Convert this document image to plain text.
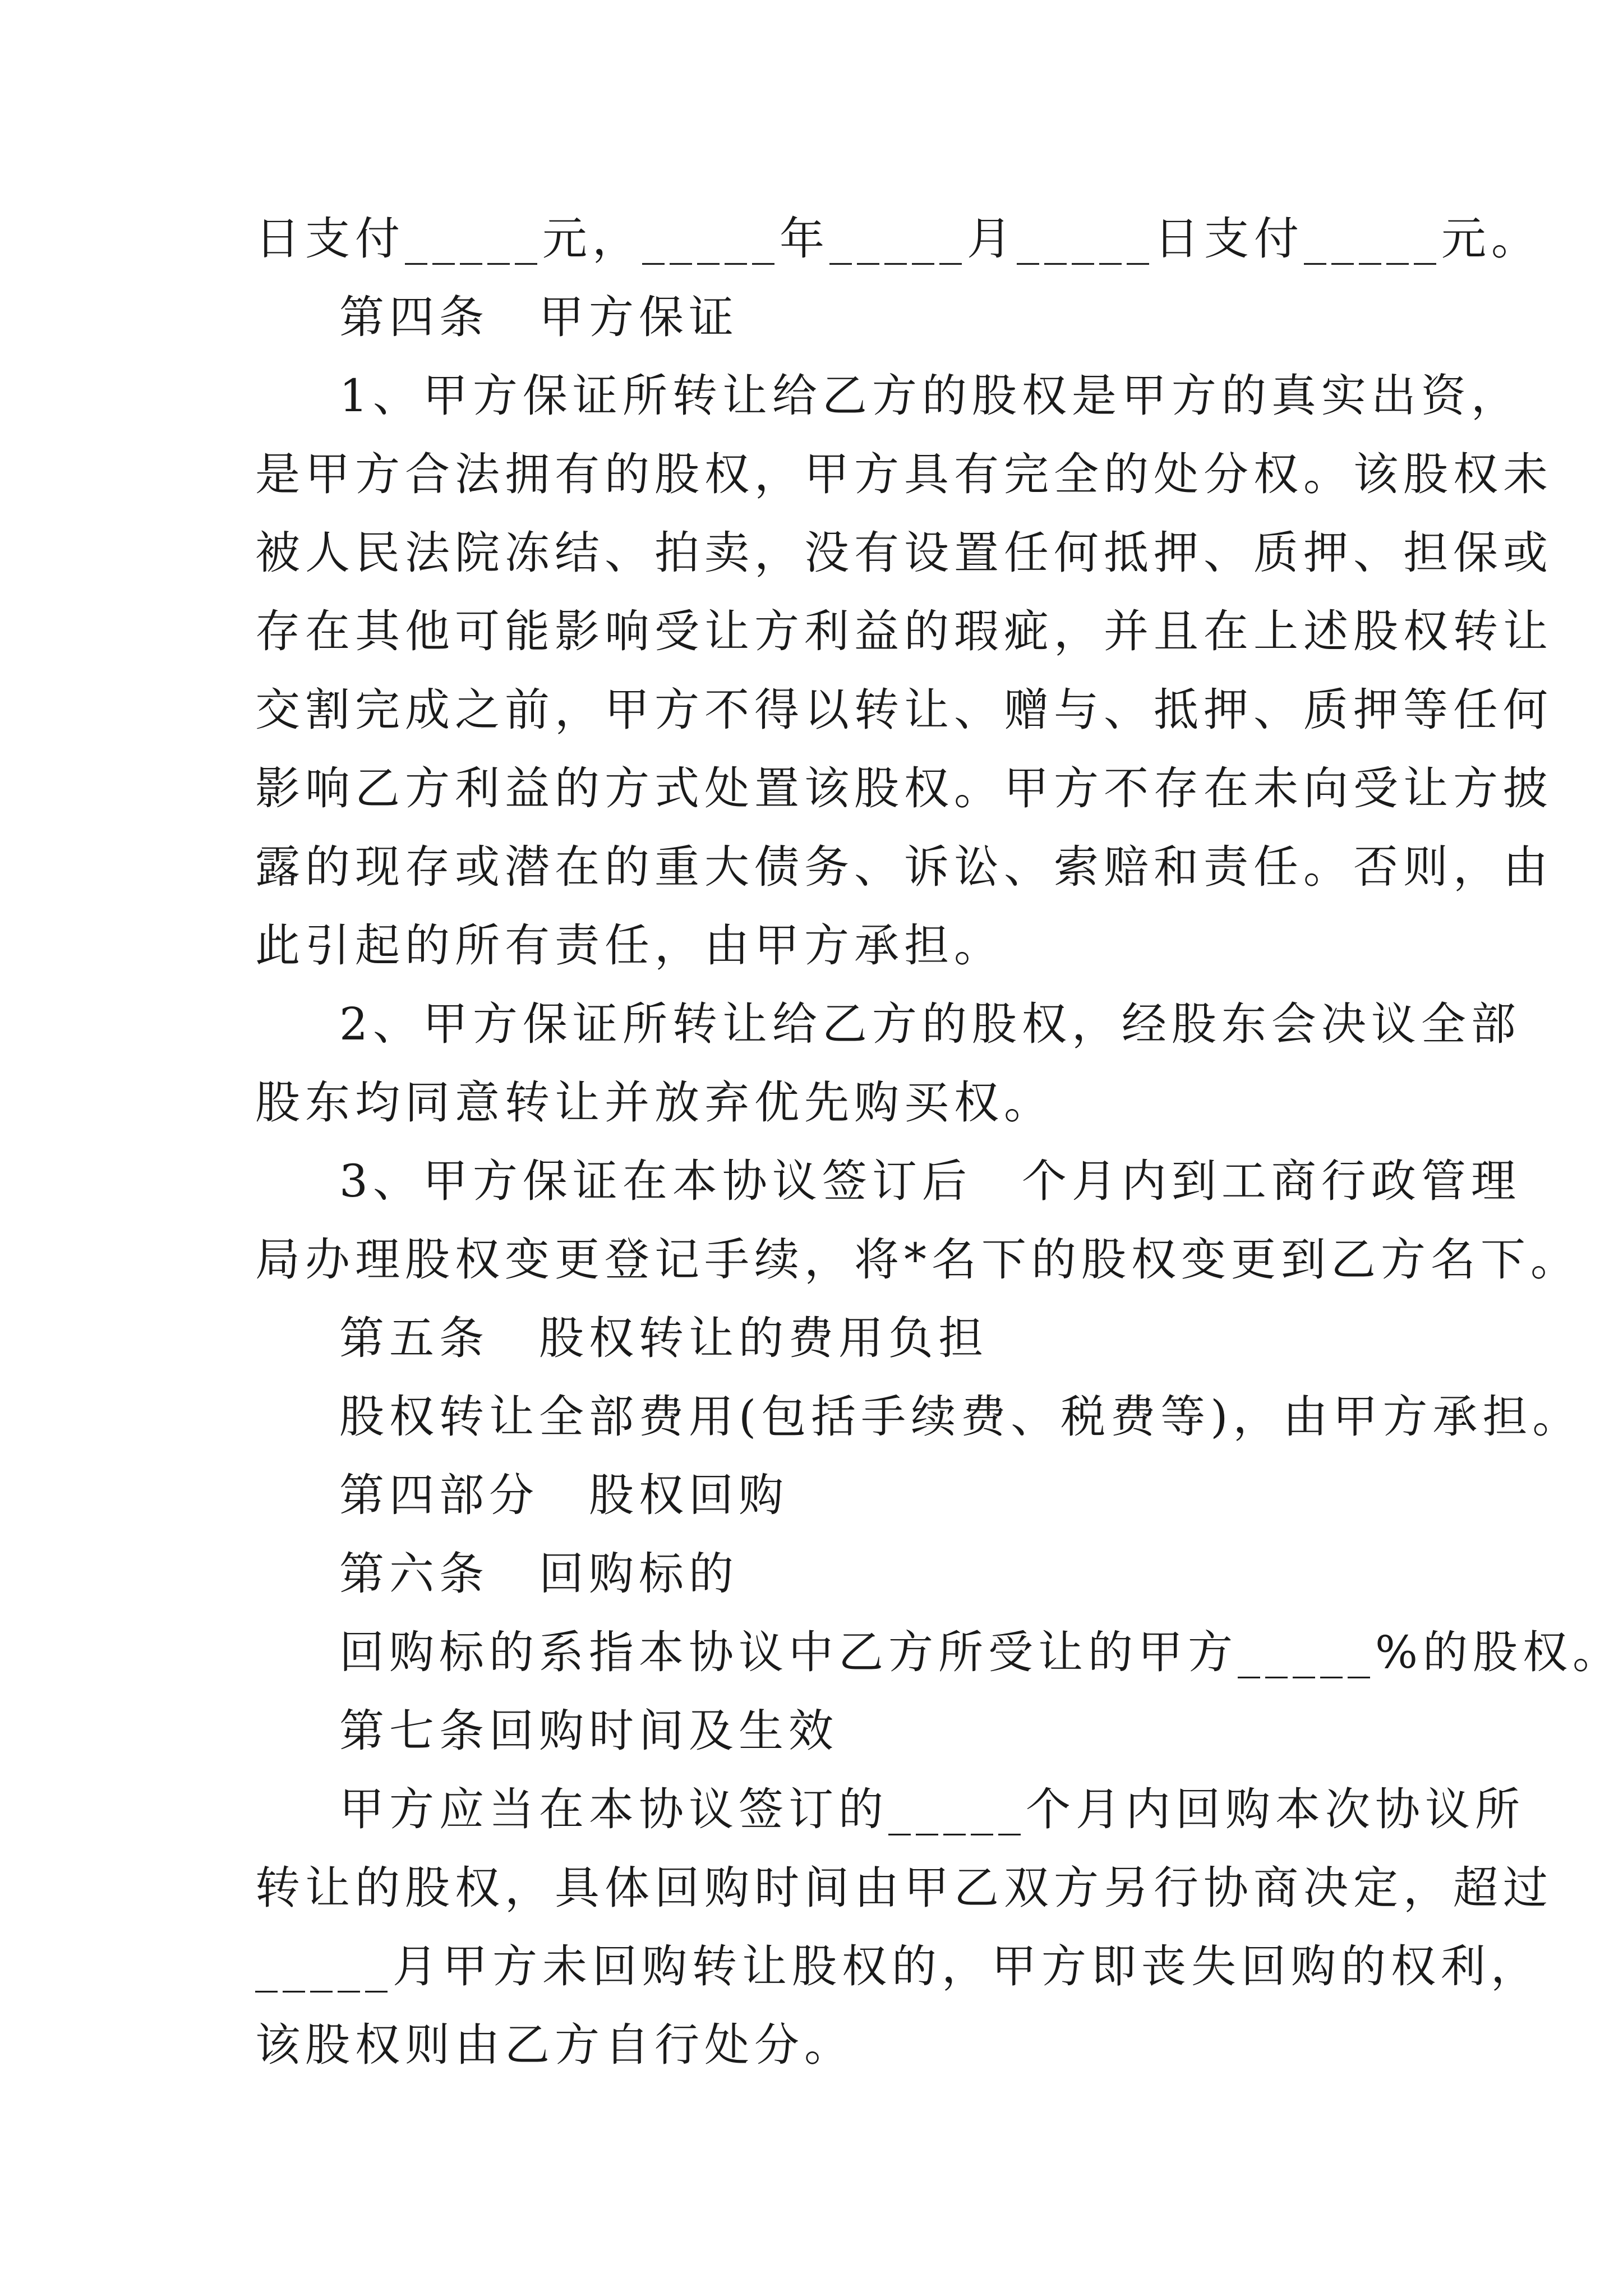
日支付_____元，_____年_____月_____日支付_____元。
第四条　甲方保证
1、甲方保证所转让给乙方的股权是甲方的真实出资，
是甲方合法拥有的股权，甲方具有完全的处分权。该股权未
被人民法院冻结、拍卖，没有设置任何抵押、质押、担保或
存在其他可能影响受让方利益的瑕疵，并且在上述股权转让
交割完成之前，甲方不得以转让、赠与、抵押、质押等任何
影响乙方利益的方式处置该股权。甲方不存在未向受让方披
露的现存或潜在的重大债务、诉讼、索赔和责任。否则，由
此引起的所有责任，由甲方承担。
2、甲方保证所转让给乙方的股权，经股东会决议全部
股东均同意转让并放弃优先购买权。
3、甲方保证在本协议签订后　个月内到工商行政管理
局办理股权变更登记手续，将*名下的股权变更到乙方名下。
第五条　股权转让的费用负担
股权转让全部费用(包括手续费、税费等)，由甲方承担。
第四部分　股权回购
第六条　回购标的
回购标的系指本协议中乙方所受让的甲方_____%的股权。
第七条回购时间及生效
甲方应当在本协议签订的_____个月内回购本次协议所
转让的股权，具体回购时间由甲乙双方另行协商决定，超过
_____月甲方未回购转让股权的，甲方即丧失回购的权利，
该股权则由乙方自行处分。
